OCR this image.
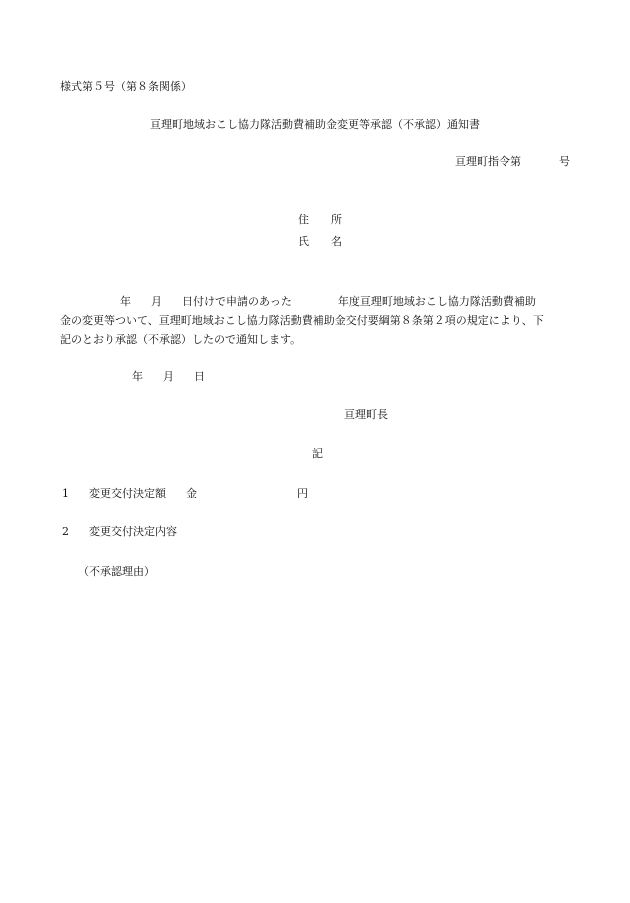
様式第５号（第８条関係）
亘理町地域おこし協力隊活動費補助金変更等承認（不承認）通知書
亘理町指令第	号
住 所
氏 名
年 月 日付けで申請のあった	年度亘理町地域おこし協力隊活動費補助
金の変更等ついて、亘理町地域おこし協力隊活動費補助金交付要綱第８条第２項の規定により、下
記のとおり承認（不承認）したので通知します。
年 月 日
亘理町長
記
1 変更交付決定額 金	円
2 変更交付決定内容
（不承認理由）
